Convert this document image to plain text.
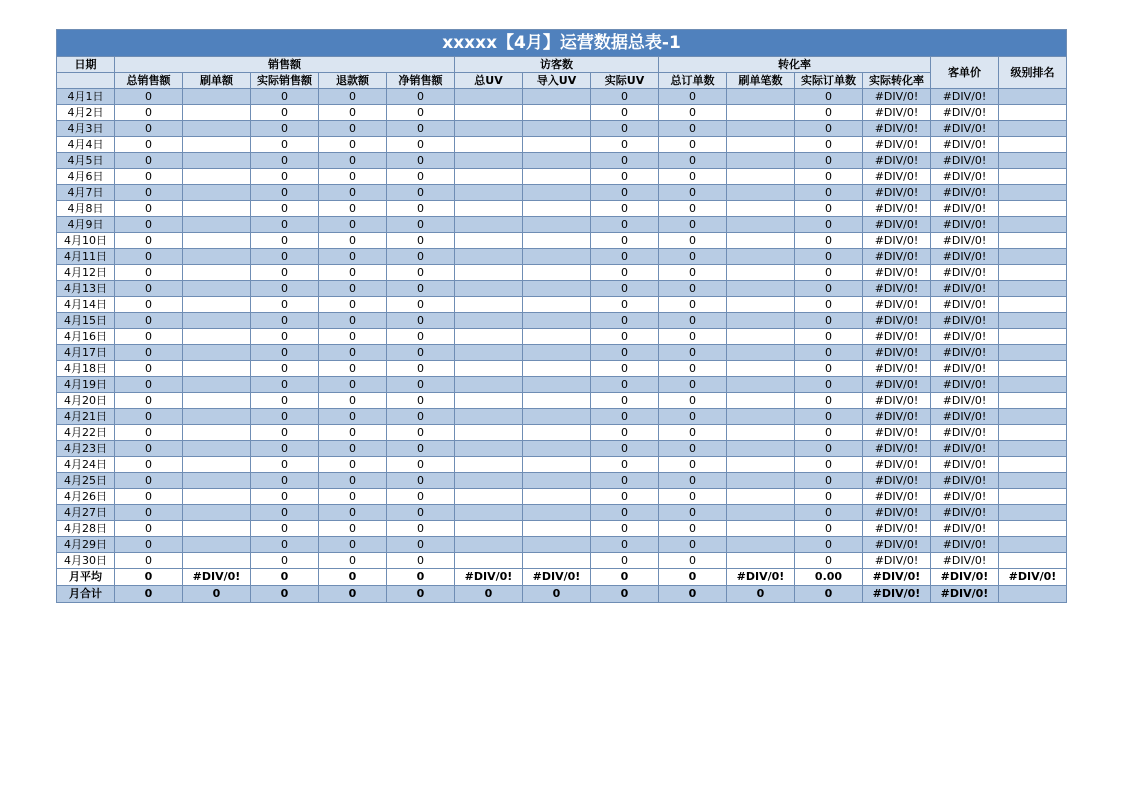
xxxxx【4月】运营数据总表-1														
日期	销售额					访客数			转化率				客单价	级别排名
	总销售额	刷单额	实际销售额	退款额	净销售额	总UV	导入UV	实际UV	总订单数	刷单笔数	实际订单数	实际转化率		
4月1日	0		0	0	0			0	0		0	#DIV/0!	#DIV/0!	
4月2日	0		0	0	0			0	0		0	#DIV/0!	#DIV/0!	
4月3日	0		0	0	0			0	0		0	#DIV/0!	#DIV/0!	
4月4日	0		0	0	0			0	0		0	#DIV/0!	#DIV/0!	
4月5日	0		0	0	0			0	0		0	#DIV/0!	#DIV/0!	
4月6日	0		0	0	0			0	0		0	#DIV/0!	#DIV/0!	
4月7日	0		0	0	0			0	0		0	#DIV/0!	#DIV/0!	
4月8日	0		0	0	0			0	0		0	#DIV/0!	#DIV/0!	
4月9日	0		0	0	0			0	0		0	#DIV/0!	#DIV/0!	
4月10日	0		0	0	0			0	0		0	#DIV/0!	#DIV/0!	
4月11日	0		0	0	0			0	0		0	#DIV/0!	#DIV/0!	
4月12日	0		0	0	0			0	0		0	#DIV/0!	#DIV/0!	
4月13日	0		0	0	0			0	0		0	#DIV/0!	#DIV/0!	
4月14日	0		0	0	0			0	0		0	#DIV/0!	#DIV/0!	
4月15日	0		0	0	0			0	0		0	#DIV/0!	#DIV/0!	
4月16日	0		0	0	0			0	0		0	#DIV/0!	#DIV/0!	
4月17日	0		0	0	0			0	0		0	#DIV/0!	#DIV/0!	
4月18日	0		0	0	0			0	0		0	#DIV/0!	#DIV/0!	
4月19日	0		0	0	0			0	0		0	#DIV/0!	#DIV/0!	
4月20日	0		0	0	0			0	0		0	#DIV/0!	#DIV/0!	
4月21日	0		0	0	0			0	0		0	#DIV/0!	#DIV/0!	
4月22日	0		0	0	0			0	0		0	#DIV/0!	#DIV/0!	
4月23日	0		0	0	0			0	0		0	#DIV/0!	#DIV/0!	
4月24日	0		0	0	0			0	0		0	#DIV/0!	#DIV/0!	
4月25日	0		0	0	0			0	0		0	#DIV/0!	#DIV/0!	
4月26日	0		0	0	0			0	0		0	#DIV/0!	#DIV/0!	
4月27日	0		0	0	0			0	0		0	#DIV/0!	#DIV/0!	
4月28日	0		0	0	0			0	0		0	#DIV/0!	#DIV/0!	
4月29日	0		0	0	0			0	0		0	#DIV/0!	#DIV/0!	
4月30日	0		0	0	0			0	0		0	#DIV/0!	#DIV/0!	
月平均	0	#DIV/0!	0	0	0	#DIV/0!	#DIV/0!	0	0	#DIV/0!	0.00	#DIV/0!	#DIV/0!	#DIV/0!
月合计	0	0	0	0	0	0	0	0	0	0	0	#DIV/0!	#DIV/0!	
